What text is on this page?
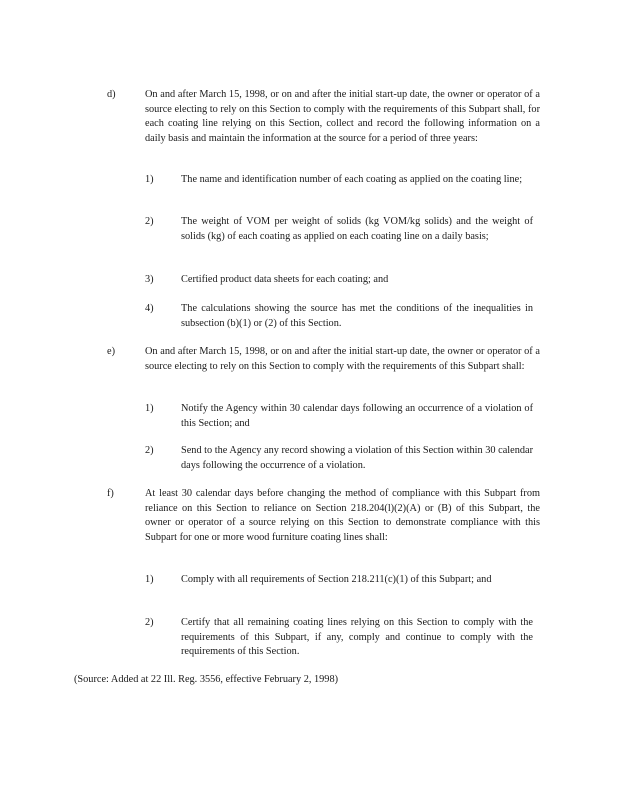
d)	On and after March 15, 1998, or on and after the initial start-up date, the owner or operator of a source electing to rely on this Section to comply with the requirements of this Subpart shall, for each coating line relying on this Section, collect and record the following information on a daily basis and maintain the information at the source for a period of three years:
1)	The name and identification number of each coating as applied on the coating line;
2)	The weight of VOM per weight of solids (kg VOM/kg solids) and the weight of solids (kg) of each coating as applied on each coating line on a daily basis;
3)	Certified product data sheets for each coating; and
4)	The calculations showing the source has met the conditions of the inequalities in subsection (b)(1) or (2) of this Section.
e)	On and after March 15, 1998, or on and after the initial start-up date, the owner or operator of a source electing to rely on this Section to comply with the requirements of this Subpart shall:
1)	Notify the Agency within 30 calendar days following an occurrence of a violation of this Section; and
2)	Send to the Agency any record showing a violation of this Section within 30 calendar days following the occurrence of a violation.
f)	At least 30 calendar days before changing the method of compliance with this Subpart from reliance on this Section to reliance on Section 218.204(l)(2)(A) or (B) of this Subpart, the owner or operator of a source relying on this Section to demonstrate compliance with this Subpart for one or more wood furniture coating lines shall:
1)	Comply with all requirements of Section 218.211(c)(1) of this Subpart; and
2)	Certify that all remaining coating lines relying on this Section to comply with the requirements of this Subpart, if any, comply and continue to comply with the requirements of this Section.
(Source: Added at 22 Ill. Reg. 3556, effective February 2, 1998)
